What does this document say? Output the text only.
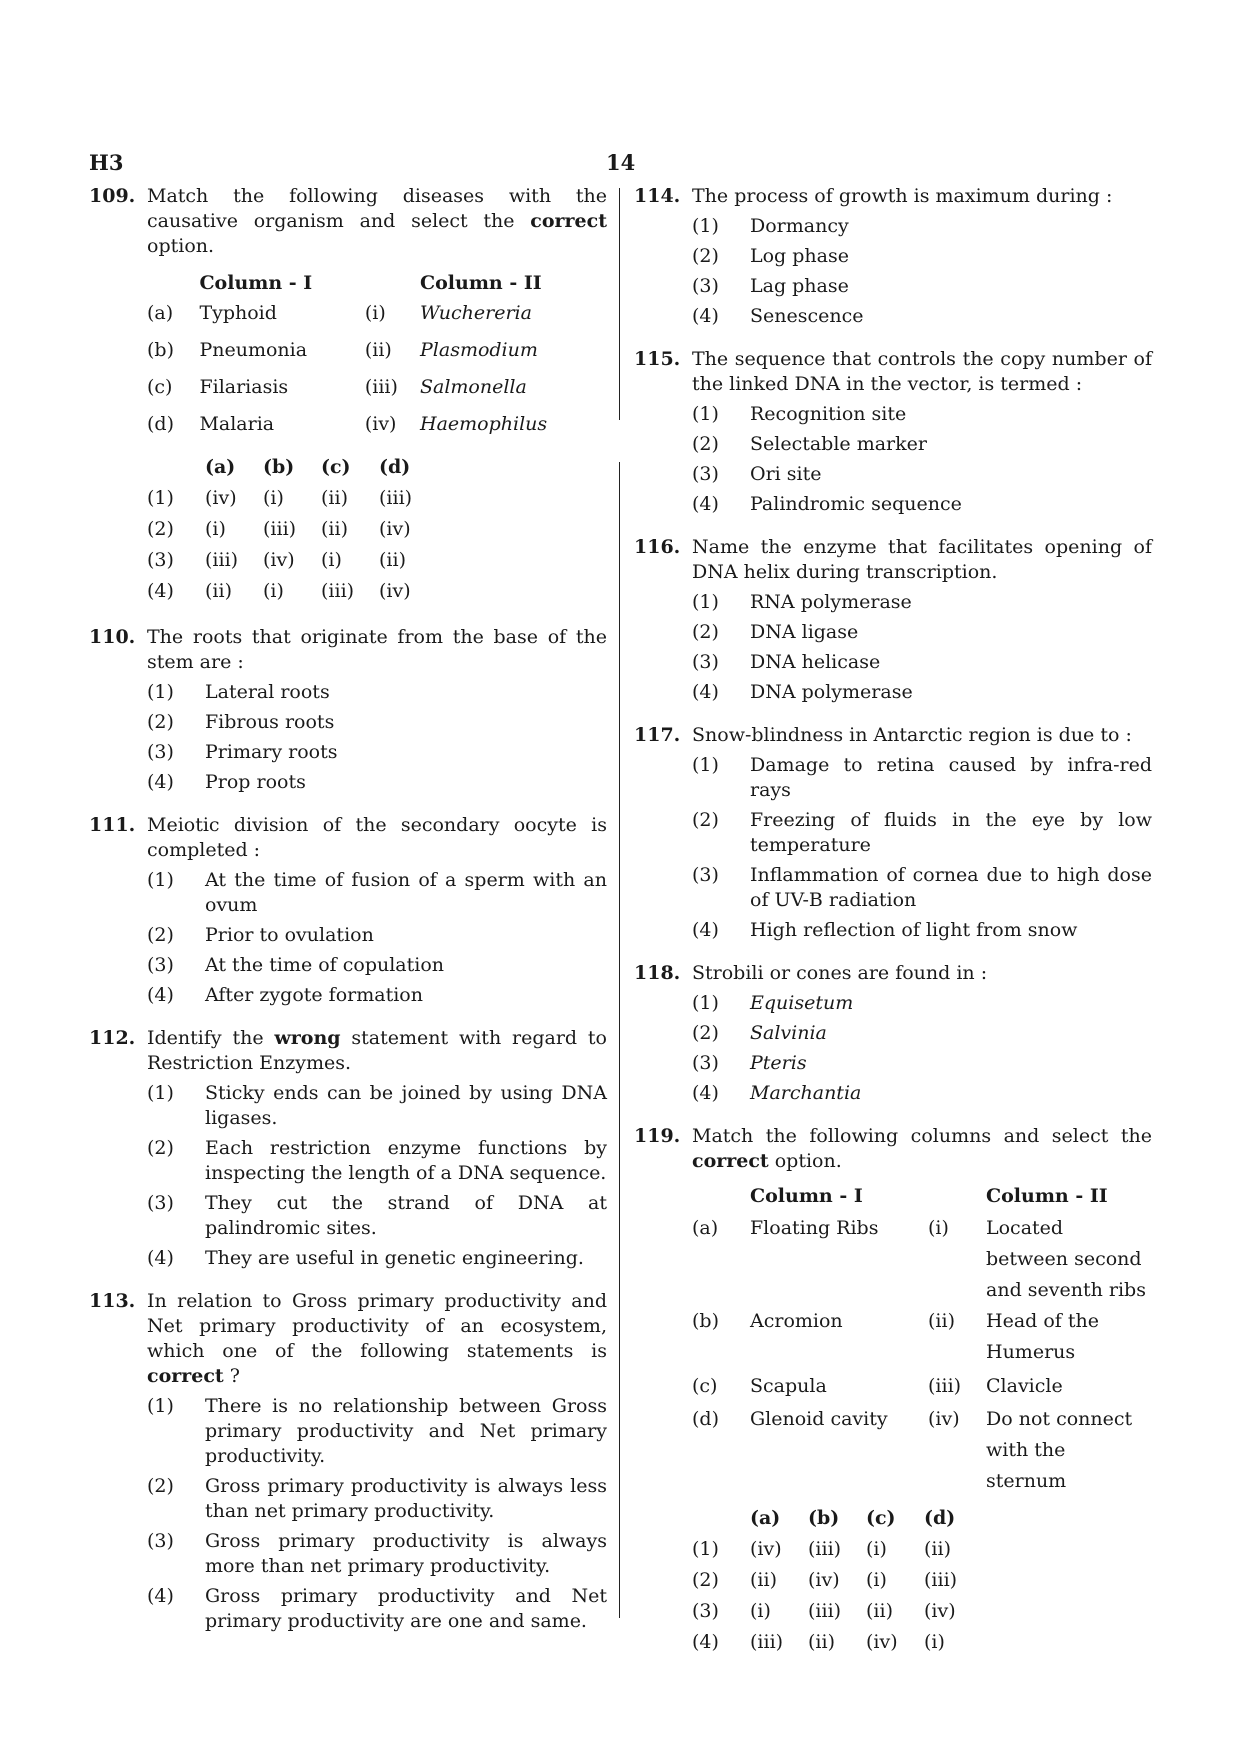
H3	14
109. Match the following diseases with the causative organism and select the correct option.
	Column - I		Column - II
(a)	Typhoid	(i)	Wuchereria
(b)	Pneumonia	(ii)	Plasmodium
(c)	Filariasis	(iii)	Salmonella
(d)	Malaria	(iv)	Haemophilus
	(a)	(b)	(c)	(d)
(1)	(iv)	(i)	(ii)	(iii)
(2)	(i)	(iii)	(ii)	(iv)
(3)	(iii)	(iv)	(i)	(ii)
(4)	(ii)	(i)	(iii)	(iv)
110. The roots that originate from the base of the stem are :
(1) Lateral roots
(2) Fibrous roots
(3) Primary roots
(4) Prop roots
111. Meiotic division of the secondary oocyte is completed :
(1) At the time of fusion of a sperm with an ovum
(2) Prior to ovulation
(3) At the time of copulation
(4) After zygote formation
112. Identify the wrong statement with regard to Restriction Enzymes.
(1) Sticky ends can be joined by using DNA ligases.
(2) Each restriction enzyme functions by inspecting the length of a DNA sequence.
(3) They cut the strand of DNA at palindromic sites.
(4) They are useful in genetic engineering.
113. In relation to Gross primary productivity and Net primary productivity of an ecosystem, which one of the following statements is correct ?
(1) There is no relationship between Gross primary productivity and Net primary productivity.
(2) Gross primary productivity is always less than net primary productivity.
(3) Gross primary productivity is always more than net primary productivity.
(4) Gross primary productivity and Net primary productivity are one and same.
114. The process of growth is maximum during :
(1) Dormancy
(2) Log phase
(3) Lag phase
(4) Senescence
115. The sequence that controls the copy number of the linked DNA in the vector, is termed :
(1) Recognition site
(2) Selectable marker
(3) Ori site
(4) Palindromic sequence
116. Name the enzyme that facilitates opening of DNA helix during transcription.
(1) RNA polymerase
(2) DNA ligase
(3) DNA helicase
(4) DNA polymerase
117. Snow-blindness in Antarctic region is due to :
(1) Damage to retina caused by infra-red rays
(2) Freezing of fluids in the eye by low temperature
(3) Inflammation of cornea due to high dose of UV-B radiation
(4) High reflection of light from snow
118. Strobili or cones are found in :
(1) Equisetum
(2) Salvinia
(3) Pteris
(4) Marchantia
119. Match the following columns and select the correct option.
	Column - I		Column - II
(a)	Floating Ribs	(i)	Located between second and seventh ribs
(b)	Acromion	(ii)	Head of the Humerus
(c)	Scapula	(iii)	Clavicle
(d)	Glenoid cavity	(iv)	Do not connect with the sternum
	(a)	(b)	(c)	(d)
(1)	(iv)	(iii)	(i)	(ii)
(2)	(ii)	(iv)	(i)	(iii)
(3)	(i)	(iii)	(ii)	(iv)
(4)	(iii)	(ii)	(iv)	(i)
